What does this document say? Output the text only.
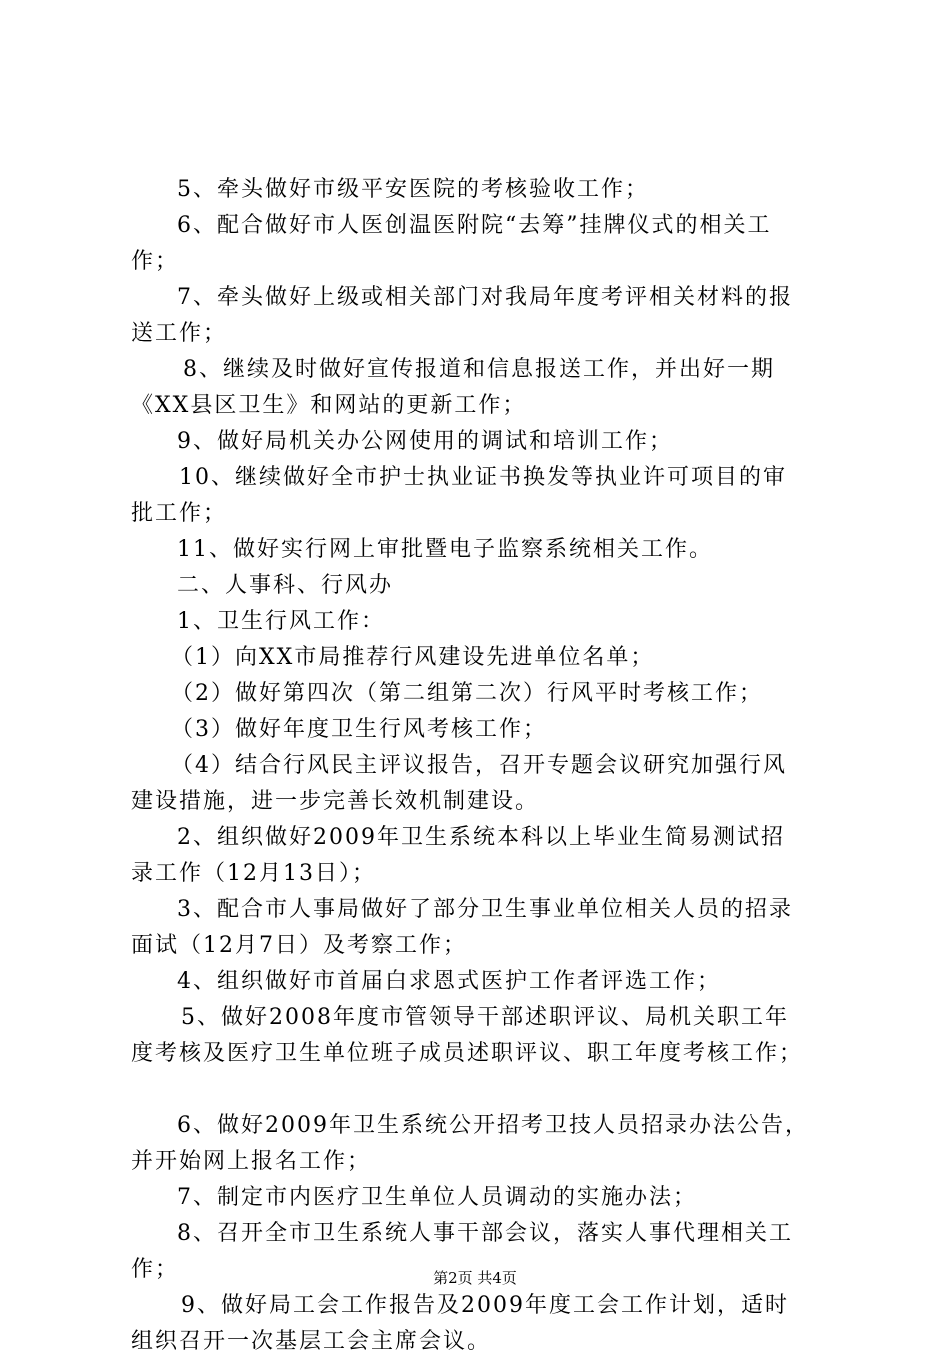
5、牵头做好市级平安医院的考核验收工作；
6、配合做好市人医创温医附院“去筹”挂牌仪式的相关工
作；
7、牵头做好上级或相关部门对我局年度考评相关材料的报
送工作；
8、继续及时做好宣传报道和信息报送工作，并出好一期
《XX县区卫生》和网站的更新工作；
9、做好局机关办公网使用的调试和培训工作；
10、继续做好全市护士执业证书换发等执业许可项目的审
批工作；
11、做好实行网上审批暨电子监察系统相关工作。
二、人事科、行风办
1、卫生行风工作：
（1）向XX市局推荐行风建设先进单位名单；
（2）做好第四次（第二组第二次）行风平时考核工作；
（3）做好年度卫生行风考核工作；
（4）结合行风民主评议报告，召开专题会议研究加强行风
建设措施，进一步完善长效机制建设。
2、组织做好2009年卫生系统本科以上毕业生简易测试招
录工作（12月13日）；
3、配合市人事局做好了部分卫生事业单位相关人员的招录
面试（12月7日）及考察工作；
4、组织做好市首届白求恩式医护工作者评选工作；
5、做好2008年度市管领导干部述职评议、局机关职工年
度考核及医疗卫生单位班子成员述职评议、职工年度考核工作；
6、做好2009年卫生系统公开招考卫技人员招录办法公告，
并开始网上报名工作；
7、制定市内医疗卫生单位人员调动的实施办法；
8、召开全市卫生系统人事干部会议，落实人事代理相关工
作；
9、做好局工会工作报告及2009年度工会工作计划，适时
组织召开一次基层工会主席会议。
第2页 共4页
